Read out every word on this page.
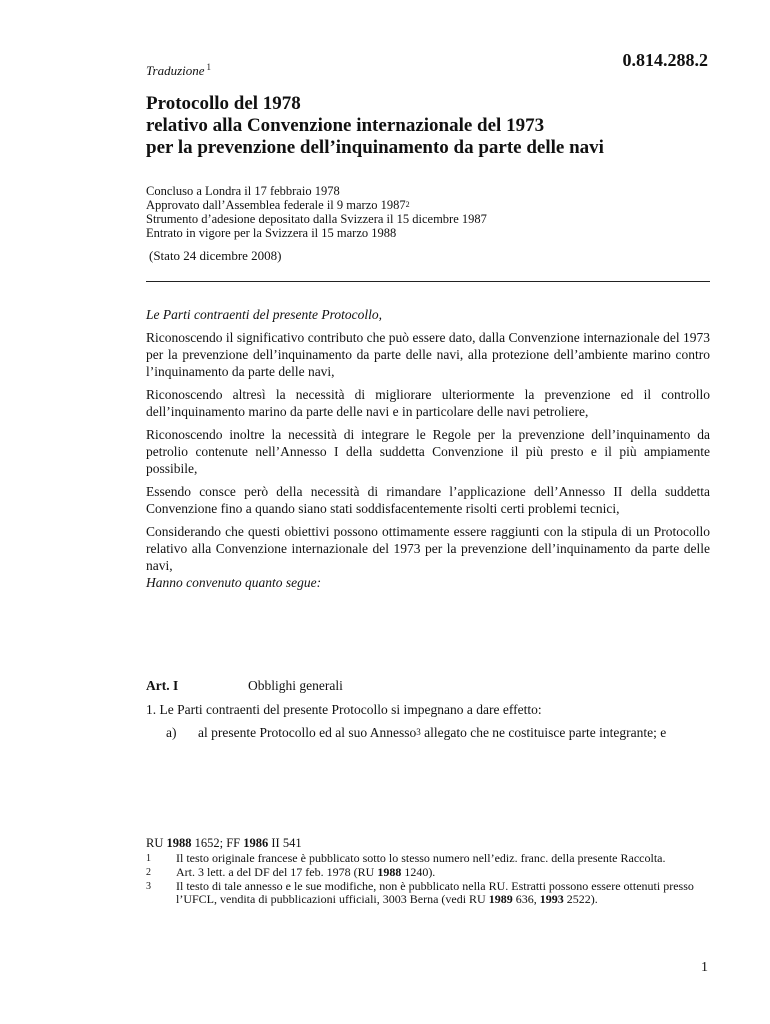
0.814.288.2
Traduzione $^1$
Protocollo del 1978
relativo alla Convenzione internazionale del 1973
per la prevenzione dell’inquinamento da parte delle navi
Concluso a Londra il 17 febbraio 1978
Approvato dall’Assemblea federale il 9 marzo 1987$^2$
Strumento d’adesione depositato dalla Svizzera il 15 dicembre 1987
Entrato in vigore per la Svizzera il 15 marzo 1988
(Stato 24 dicembre 2008)

Le Parti contraenti del presente Protocollo,

Riconoscendo il significativo contributo che può essere dato, dalla Convenzione internazionale del 1973 per la prevenzione dell’inquinamento da parte delle navi, alla protezione dell’ambiente marino contro l’inquinamento da parte delle navi,

Riconoscendo altresì la necessità di migliorare ulteriormente la prevenzione ed il controllo dell’inquinamento marino da parte delle navi e in particolare delle navi petroliere,

Riconoscendo inoltre la necessità di integrare le Regole per la prevenzione dell’inquinamento da petrolio contenute nell’Annesso I della suddetta Convenzione il più presto e il più ampiamente possibile,

Essendo consce però della necessità di rimandare l’applicazione dell’Annesso II della suddetta Convenzione fino a quando siano stati soddisfacentemente risolti certi problemi tecnici,

Considerando che questi obiettivi possono ottimamente essere raggiunti con la stipula di un Protocollo relativo alla Convenzione internazionale del 1973 per la prevenzione dell’inquinamento da parte delle navi,

Hanno convenuto quanto segue:

Art. I	Obblighi generali
1. Le Parti contraenti del presente Protocollo si impegnano a dare effetto:
a) al presente Protocollo ed al suo Annesso$^3$ allegato che ne costituisce parte integrante; e
RU 1988 1652; FF 1986 II 541
1 Il testo originale francese è pubblicato sotto lo stesso numero nell’ediz. franc. della presente Raccolta.
2 Art. 3 lett. a del DF del 17 feb. 1978 (RU 1988 1240).
3 Il testo di tale annesso e le sue modifiche, non è pubblicato nella RU. Estratti possono essere ottenuti presso l’UFCL, vendita di pubblicazioni ufficiali, 3003 Berna (vedi RU 1989 636, 1993 2522).
1
